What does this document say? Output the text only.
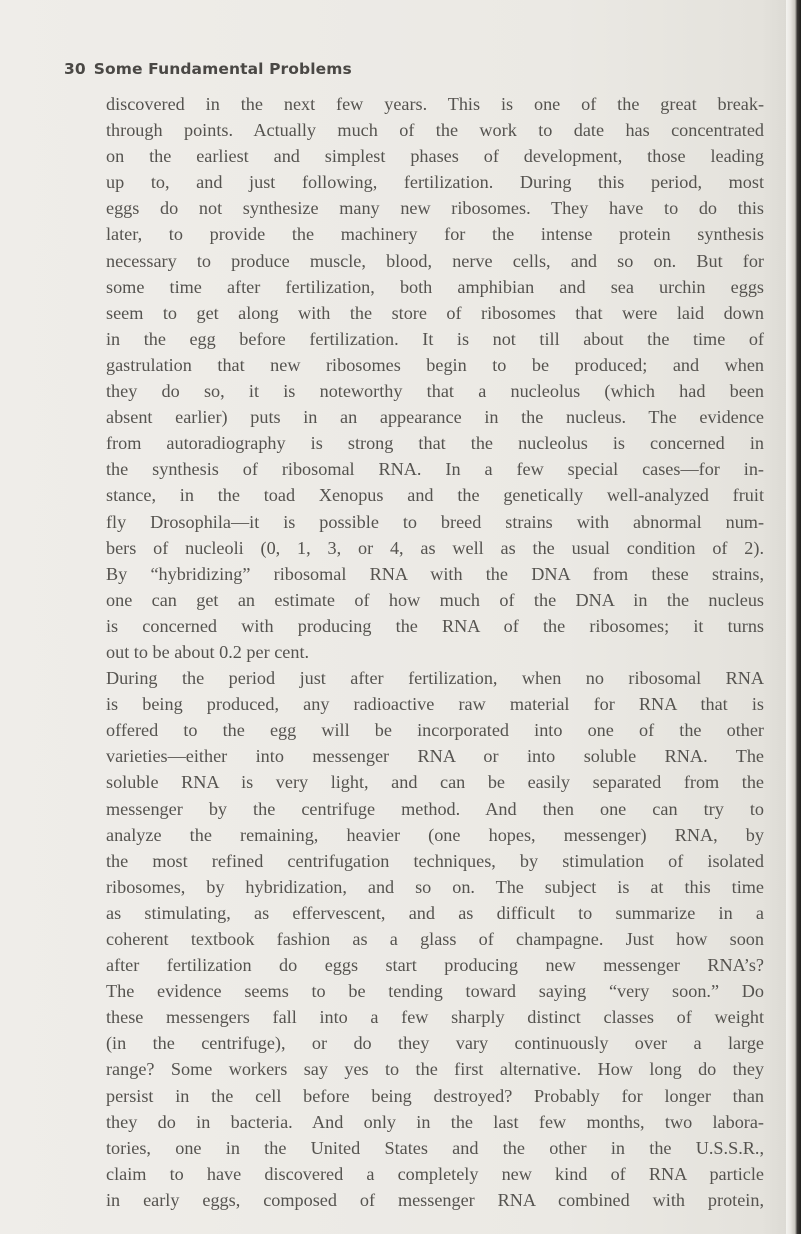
30 Some Fundamental Problems
discovered in the next few years. This is one of the great break-
through points. Actually much of the work to date has concentrated
on the earliest and simplest phases of development, those leading
up to, and just following, fertilization. During this period, most
eggs do not synthesize many new ribosomes. They have to do this
later, to provide the machinery for the intense protein synthesis
necessary to produce muscle, blood, nerve cells, and so on. But for
some time after fertilization, both amphibian and sea urchin eggs
seem to get along with the store of ribosomes that were laid down
in the egg before fertilization. It is not till about the time of
gastrulation that new ribosomes begin to be produced; and when
they do so, it is noteworthy that a nucleolus (which had been
absent earlier) puts in an appearance in the nucleus. The evidence
from autoradiography is strong that the nucleolus is concerned in
the synthesis of ribosomal RNA. In a few special cases—for in-
stance, in the toad Xenopus and the genetically well-analyzed fruit
fly Drosophila—it is possible to breed strains with abnormal num-
bers of nucleoli (0, 1, 3, or 4, as well as the usual condition of 2).
By “hybridizing” ribosomal RNA with the DNA from these strains,
one can get an estimate of how much of the DNA in the nucleus
is concerned with producing the RNA of the ribosomes; it turns
out to be about 0.2 per cent.
During the period just after fertilization, when no ribosomal RNA
is being produced, any radioactive raw material for RNA that is
offered to the egg will be incorporated into one of the other
varieties—either into messenger RNA or into soluble RNA. The
soluble RNA is very light, and can be easily separated from the
messenger by the centrifuge method. And then one can try to
analyze the remaining, heavier (one hopes, messenger) RNA, by
the most refined centrifugation techniques, by stimulation of isolated
ribosomes, by hybridization, and so on. The subject is at this time
as stimulating, as effervescent, and as difficult to summarize in a
coherent textbook fashion as a glass of champagne. Just how soon
after fertilization do eggs start producing new messenger RNA’s?
The evidence seems to be tending toward saying “very soon.” Do
these messengers fall into a few sharply distinct classes of weight
(in the centrifuge), or do they vary continuously over a large
range? Some workers say yes to the first alternative. How long do they
persist in the cell before being destroyed? Probably for longer than
they do in bacteria. And only in the last few months, two labora-
tories, one in the United States and the other in the U.S.S.R.,
claim to have discovered a completely new kind of RNA particle
in early eggs, composed of messenger RNA combined with protein,
